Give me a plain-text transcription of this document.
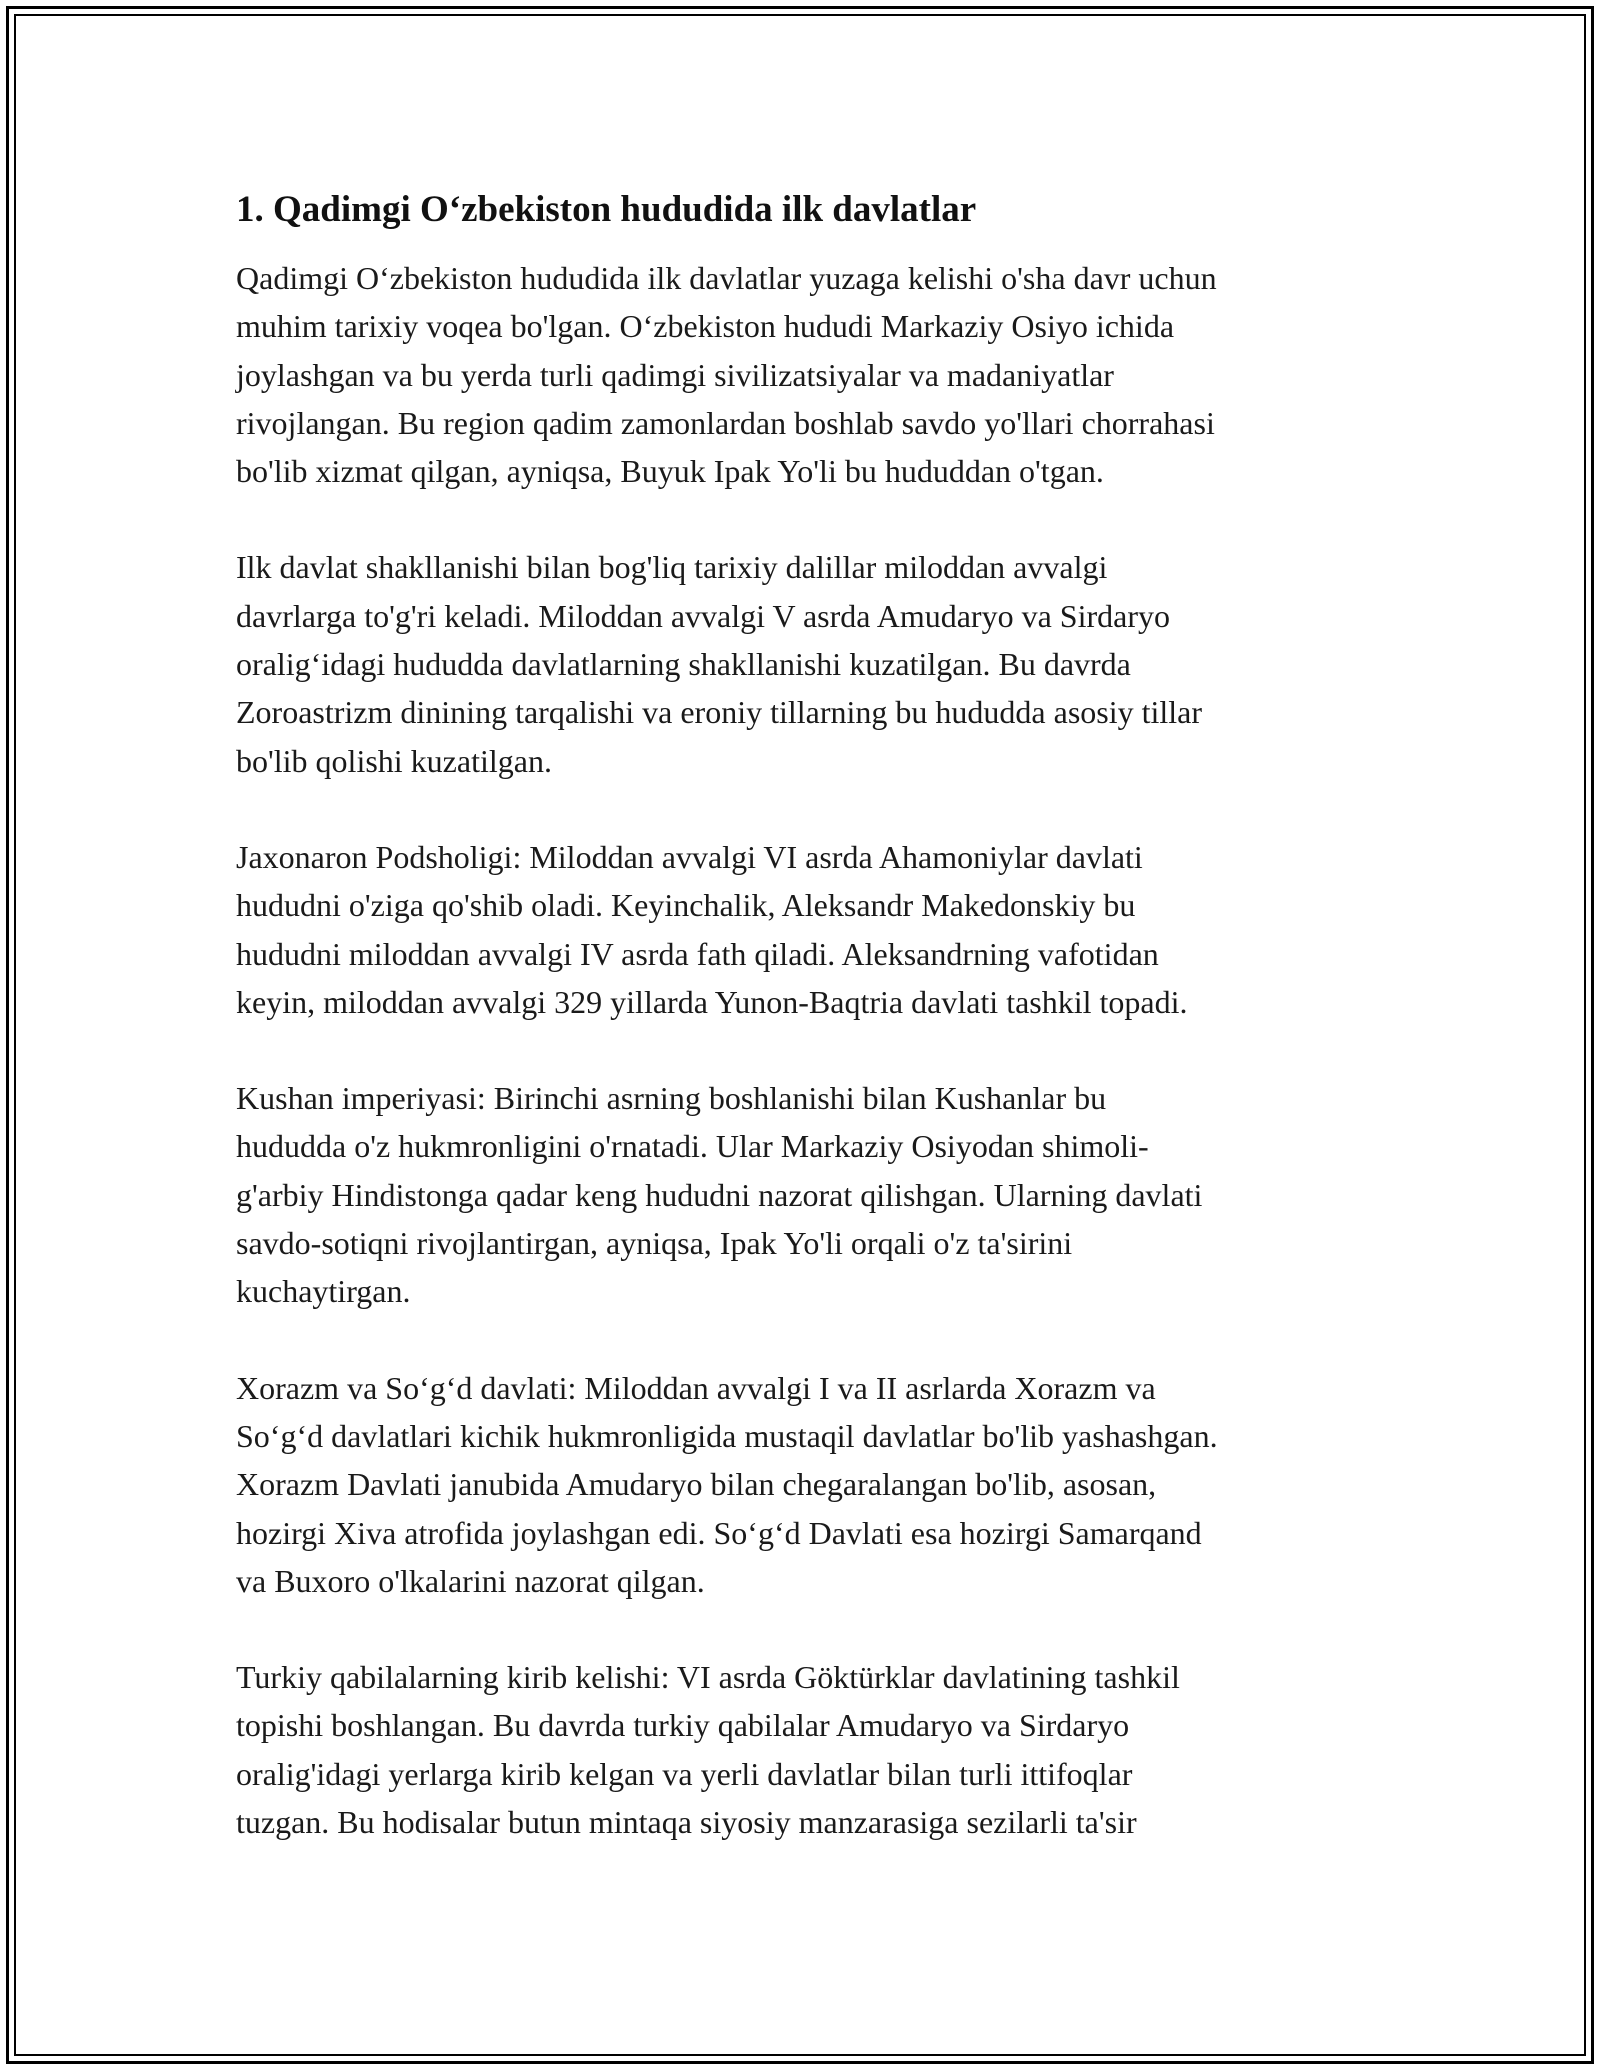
1. Qadimgi O‘zbekiston hududida ilk davlatlar

Qadimgi O‘zbekiston hududida ilk davlatlar yuzaga kelishi o'sha davr uchun
muhim tarixiy voqea bo'lgan. O‘zbekiston hududi Markaziy Osiyo ichida
joylashgan va bu yerda turli qadimgi sivilizatsiyalar va madaniyatlar
rivojlangan. Bu region qadim zamonlardan boshlab savdo yo'llari chorrahasi
bo'lib xizmat qilgan, ayniqsa, Buyuk Ipak Yo'li bu hududdan o'tgan.

Ilk davlat shakllanishi bilan bog'liq tarixiy dalillar miloddan avvalgi
davrlarga to'g'ri keladi. Miloddan avvalgi V asrda Amudaryo va Sirdaryo
oralig‘idagi hududda davlatlarning shakllanishi kuzatilgan. Bu davrda
Zoroastrizm dinining tarqalishi va eroniy tillarning bu hududda asosiy tillar
bo'lib qolishi kuzatilgan.

Jaxonaron Podsholigi: Miloddan avvalgi VI asrda Ahamoniylar davlati
hududni o'ziga qo'shib oladi. Keyinchalik, Aleksandr Makedonskiy bu
hududni miloddan avvalgi IV asrda fath qiladi. Aleksandrning vafotidan
keyin, miloddan avvalgi 329 yillarda Yunon-Baqtria davlati tashkil topadi.

Kushan imperiyasi: Birinchi asrning boshlanishi bilan Kushanlar bu
hududda o'z hukmronligini o'rnatadi. Ular Markaziy Osiyodan shimoli-
g'arbiy Hindistonga qadar keng hududni nazorat qilishgan. Ularning davlati
savdo-sotiqni rivojlantirgan, ayniqsa, Ipak Yo'li orqali o'z ta'sirini
kuchaytirgan.

Xorazm va So‘g‘d davlati: Miloddan avvalgi I va II asrlarda Xorazm va
So‘g‘d davlatlari kichik hukmronligida mustaqil davlatlar bo'lib yashashgan.
Xorazm Davlati janubida Amudaryo bilan chegaralangan bo'lib, asosan,
hozirgi Xiva atrofida joylashgan edi. So‘g‘d Davlati esa hozirgi Samarqand
va Buxoro o'lkalarini nazorat qilgan.

Turkiy qabilalarning kirib kelishi: VI asrda Göktürklar davlatining tashkil
topishi boshlangan. Bu davrda turkiy qabilalar Amudaryo va Sirdaryo
oralig'idagi yerlarga kirib kelgan va yerli davlatlar bilan turli ittifoqlar
tuzgan. Bu hodisalar butun mintaqa siyosiy manzarasiga sezilarli ta'sir
